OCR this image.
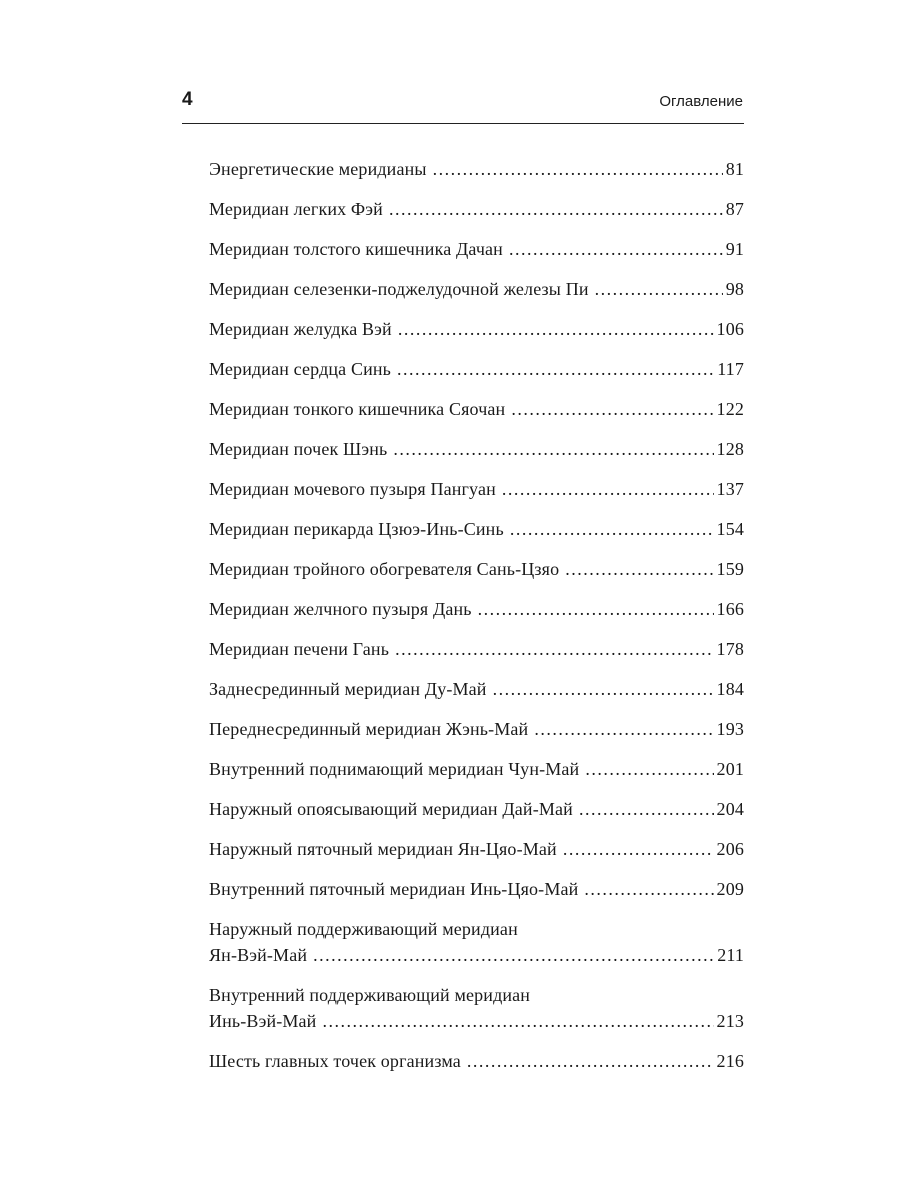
4	Оглавление
Энергетические меридианы .....	81
Меридиан легких Фэй .....	87
Меридиан толстого кишечника Дачан .....	91
Меридиан селезенки-поджелудочной железы Пи .....	98
Меридиан желудка Вэй .....	106
Меридиан сердца Синь .....	117
Меридиан тонкого кишечника Сяочан .....	122
Меридиан почек Шэнь .....	128
Меридиан мочевого пузыря Пангуан .....	137
Меридиан перикарда Цзюэ-Инь-Синь .....	154
Меридиан тройного обогревателя Сань-Цзяо .....	159
Меридиан желчного пузыря Дань .....	166
Меридиан печени Гань .....	178
Заднесрединный меридиан Ду-Май .....	184
Переднесрединный меридиан Жэнь-Май .....	193
Внутренний поднимающий меридиан Чун-Май .....	201
Наружный опоясывающий меридиан Дай-Май .....	204
Наружный пяточный меридиан Ян-Цяо-Май .....	206
Внутренний пяточный меридиан Инь-Цяо-Май .....	209
Наружный поддерживающий меридиан
Ян-Вэй-Май .....	211
Внутренний поддерживающий меридиан
Инь-Вэй-Май .....	213
Шесть главных точек организма .....	216
